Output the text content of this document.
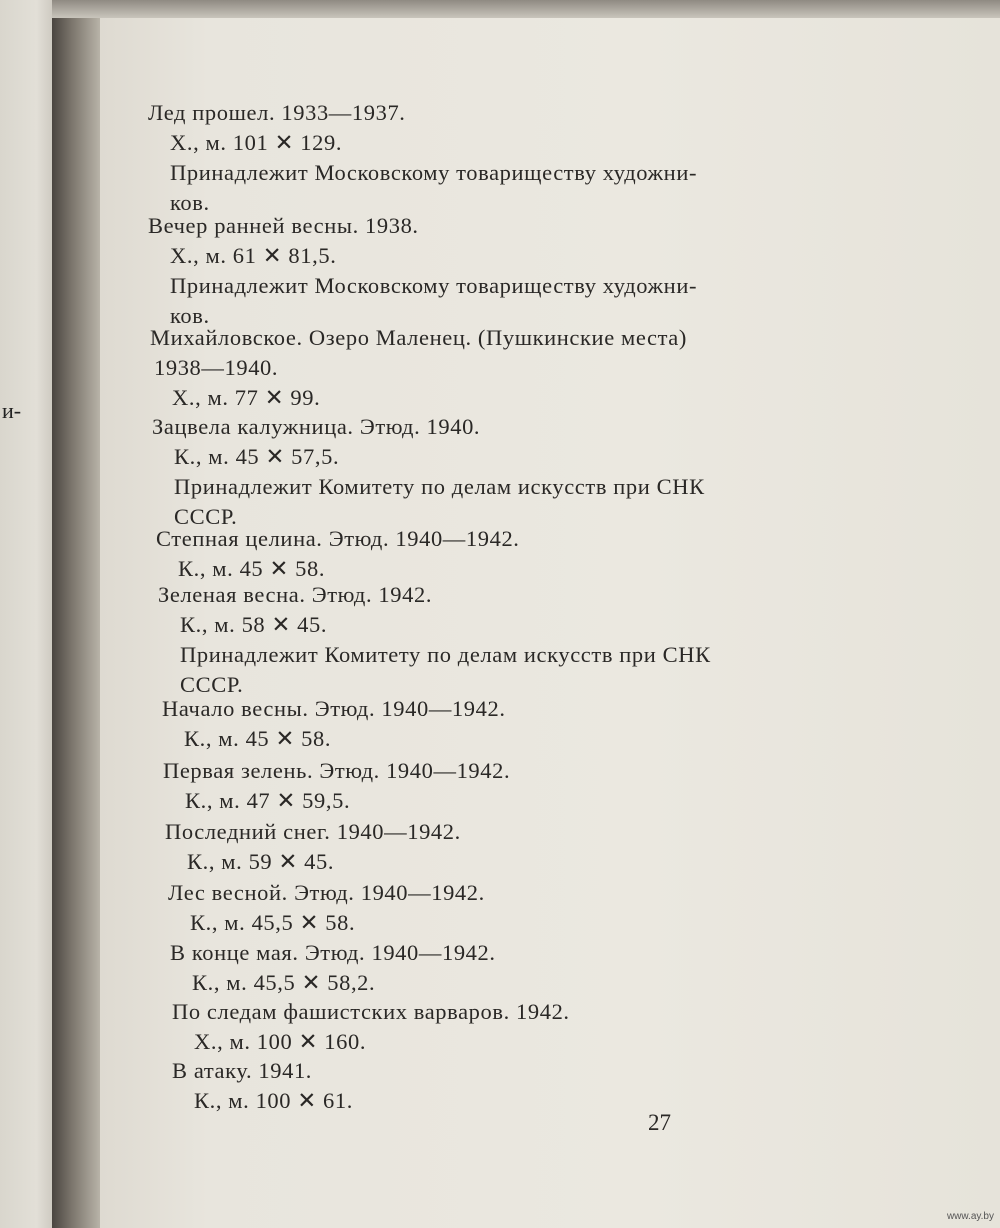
и-
Лед прошел. 1933—1937.
Х., м. 101 ✕ 129.
Принадлежит Московскому товариществу художни-
ков.
Вечер ранней весны. 1938.
Х., м. 61 ✕ 81,5.
Принадлежит Московскому товариществу художни-
ков.
Михайловское. Озеро Маленец. (Пушкинские места)
1938—1940.
Х., м. 77 ✕ 99.
Зацвела калужница. Этюд. 1940.
К., м. 45 ✕ 57,5.
Принадлежит Комитету по делам искусств при СНК
СССР.
Степная целина. Этюд. 1940—1942.
К., м. 45 ✕ 58.
Зеленая весна. Этюд. 1942.
К., м. 58 ✕ 45.
Принадлежит Комитету по делам искусств при СНК
СССР.
Начало весны. Этюд. 1940—1942.
К., м. 45 ✕ 58.
Первая зелень. Этюд. 1940—1942.
К., м. 47 ✕ 59,5.
Последний снег. 1940—1942.
К., м. 59 ✕ 45.
Лес весной. Этюд. 1940—1942.
К., м. 45,5 ✕ 58.
В конце мая. Этюд. 1940—1942.
К., м. 45,5 ✕ 58,2.
По следам фашистских варваров. 1942.
Х., м. 100 ✕ 160.
В атаку. 1941.
К., м. 100 ✕ 61.
27
www.ay.by
